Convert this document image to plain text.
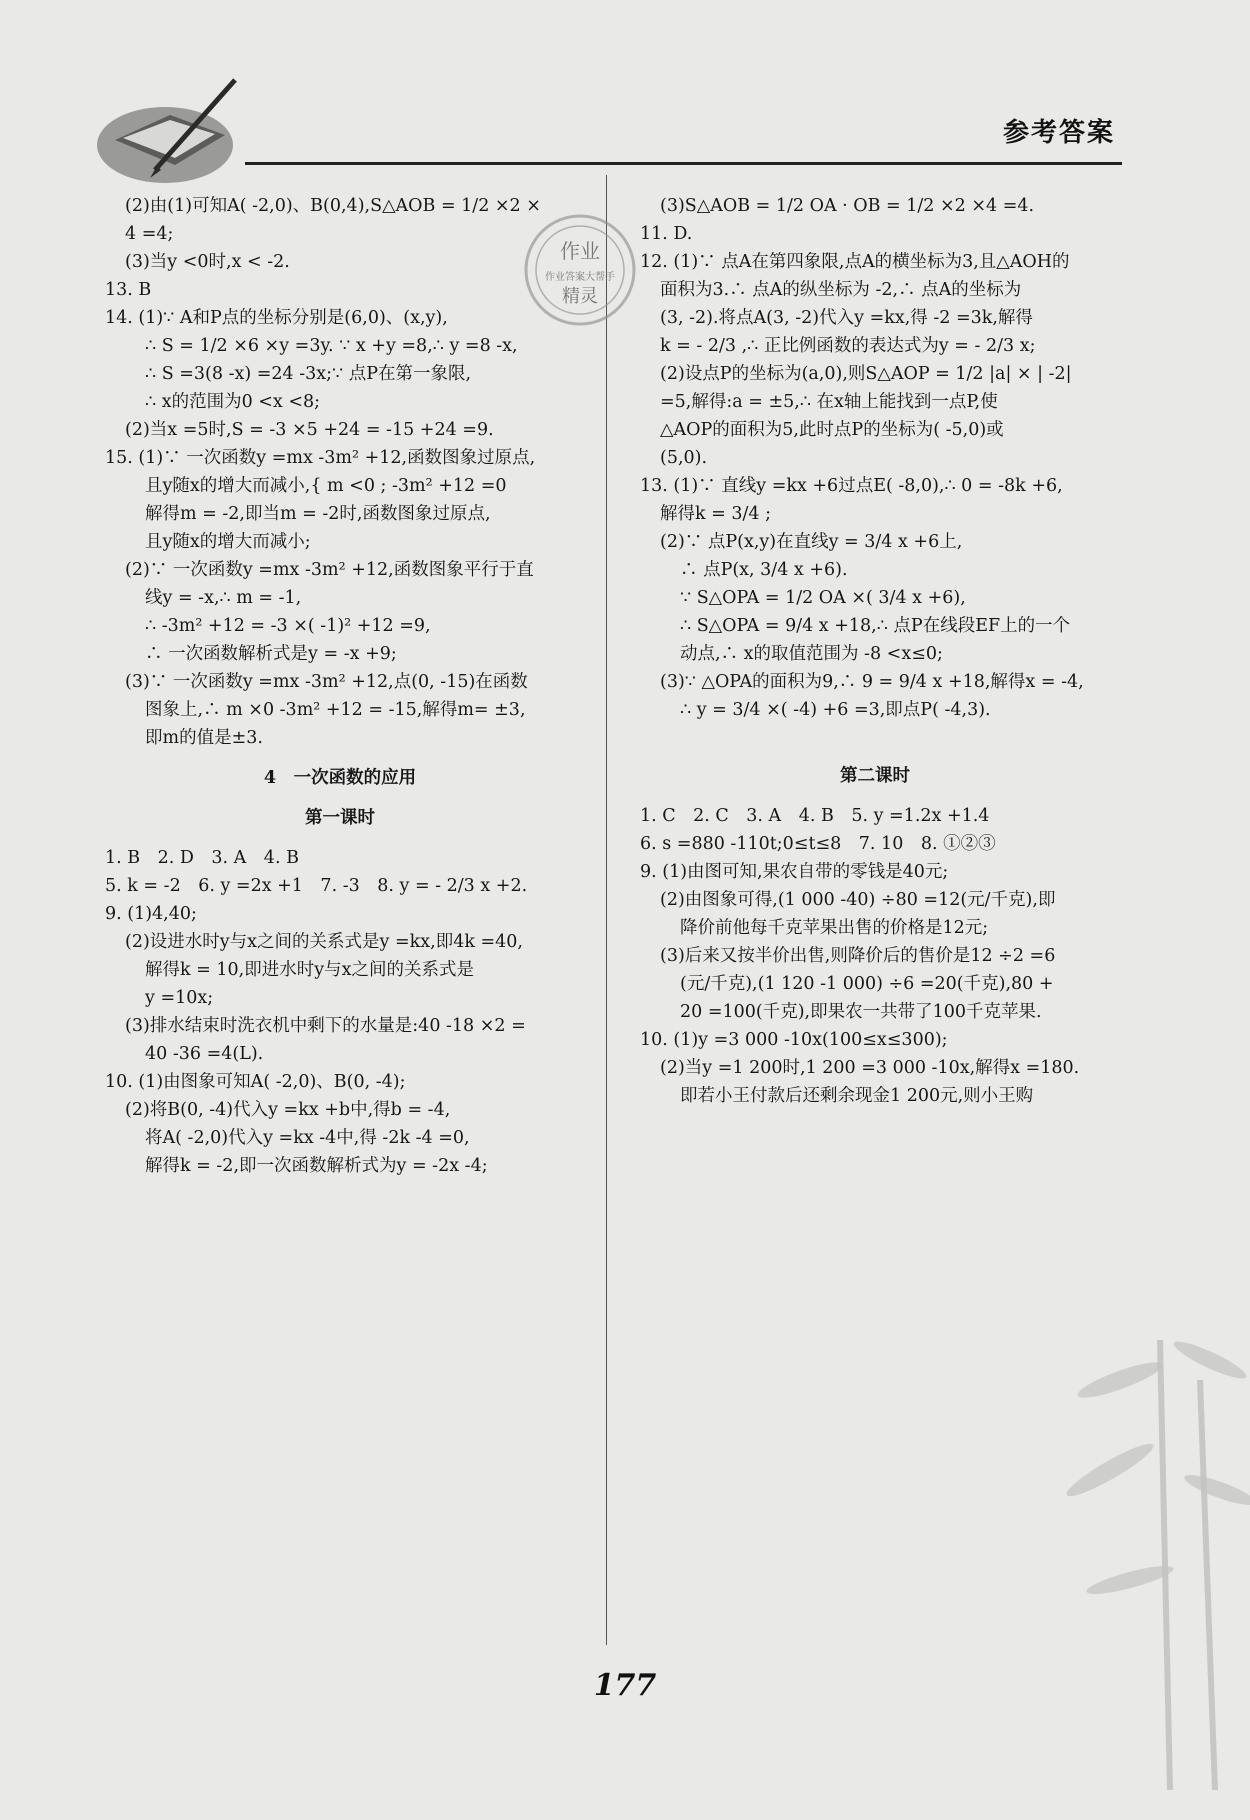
参考答案
作业
作业答案大帮手
精灵
(2)由(1)可知A( -2,0)、B(0,4),S△AOB = 1/2 ×2 ×
4 =4;
(3)当y <0时,x < -2.
13. B
14. (1)∵ A和P点的坐标分别是(6,0)、(x,y),
∴ S = 1/2 ×6 ×y =3y. ∵ x +y =8,∴ y =8 -x,
∴ S =3(8 -x) =24 -3x;∵ 点P在第一象限,
∴ x的范围为0 <x <8;
(2)当x =5时,S = -3 ×5 +24 = -15 +24 =9.
15. (1)∵ 一次函数y =mx -3m² +12,函数图象过原点,
且y随x的增大而减小,{ m <0 ; -3m² +12 =0
解得m = -2,即当m = -2时,函数图象过原点,
且y随x的增大而减小;
(2)∵ 一次函数y =mx -3m² +12,函数图象平行于直
线y = -x,∴ m = -1,
∴ -3m² +12 = -3 ×( -1)² +12 =9,
∴ 一次函数解析式是y = -x +9;
(3)∵ 一次函数y =mx -3m² +12,点(0, -15)在函数
图象上,∴ m ×0 -3m² +12 = -15,解得m= ±3,
即m的值是±3.
4　一次函数的应用
第一课时
1. B　2. D　3. A　4. B
5. k = -2　6. y =2x +1　7. -3　8. y = - 2/3 x +2.
9. (1)4,40;
(2)设进水时y与x之间的关系式是y =kx,即4k =40,
解得k = 10,即进水时y与x之间的关系式是
y =10x;
(3)排水结束时洗衣机中剩下的水量是:40 -18 ×2 =
40 -36 =4(L).
10. (1)由图象可知A( -2,0)、B(0, -4);
(2)将B(0, -4)代入y =kx +b中,得b = -4,
将A( -2,0)代入y =kx -4中,得 -2k -4 =0,
解得k = -2,即一次函数解析式为y = -2x -4;
(3)S△AOB = 1/2 OA · OB = 1/2 ×2 ×4 =4.
11. D.
12. (1)∵ 点A在第四象限,点A的横坐标为3,且△AOH的
面积为3.∴ 点A的纵坐标为 -2,∴ 点A的坐标为
(3, -2).将点A(3, -2)代入y =kx,得 -2 =3k,解得
k = - 2/3 ,∴ 正比例函数的表达式为y = - 2/3 x;
(2)设点P的坐标为(a,0),则S△AOP = 1/2 |a| × | -2|
=5,解得:a = ±5,∴ 在x轴上能找到一点P,使
△AOP的面积为5,此时点P的坐标为( -5,0)或
(5,0).
13. (1)∵ 直线y =kx +6过点E( -8,0),∴ 0 = -8k +6,
解得k = 3/4 ;
(2)∵ 点P(x,y)在直线y = 3/4 x +6上,
∴ 点P(x, 3/4 x +6).
∵ S△OPA = 1/2 OA ×( 3/4 x +6),
∴ S△OPA = 9/4 x +18,∴ 点P在线段EF上的一个
动点,∴ x的取值范围为 -8 <x≤0;
(3)∵ △OPA的面积为9,∴ 9 = 9/4 x +18,解得x = -4,
∴ y = 3/4 ×( -4) +6 =3,即点P( -4,3).
第二课时
1. C　2. C　3. A　4. B　5. y =1.2x +1.4
6. s =880 -110t;0≤t≤8　7. 10　8. ①②③
9. (1)由图可知,果农自带的零钱是40元;
(2)由图象可得,(1 000 -40) ÷80 =12(元/千克),即
降价前他每千克苹果出售的价格是12元;
(3)后来又按半价出售,则降价后的售价是12 ÷2 =6
(元/千克),(1 120 -1 000) ÷6 =20(千克),80 +
20 =100(千克),即果农一共带了100千克苹果.
10. (1)y =3 000 -10x(100≤x≤300);
(2)当y =1 200时,1 200 =3 000 -10x,解得x =180.
即若小王付款后还剩余现金1 200元,则小王购
177
